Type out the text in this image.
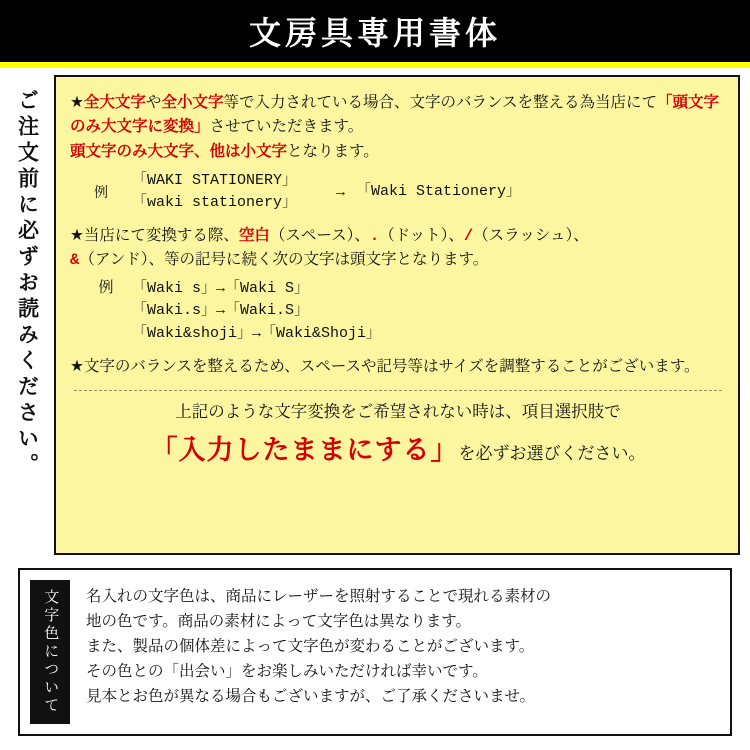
文房具専用書体
ご注文前に必ずお読みください。 ★全大文字や全小文字等で入力されている場合、文字のバランスを整える為当店にて「頭文字のみ大文字に変換」させていただきます。
頭文字のみ大文字、他は小文字となります。

例
「WAKI STATIONERY」
「waki stationery」
→ 「Waki Stationery」

★当店にて変換する際、空白（スペース）、.（ドット）、/（スラッシュ）、
&（アンド）、等の記号に続く次の文字は頭文字となります。

例 「Waki s」→「Waki S」
「Waki.s」→「Waki.S」
「Waki&shoji」→「Waki&Shoji」

★文字のバランスを整えるため、スペースや記号等はサイズを調整することがございます。

上記のような文字変換をご希望されない時は、項目選択肢で

「入力したままにする」を必ずお選びください。

文字色について 名入れの文字色は、商品にレーザーを照射することで現れる素材の

地の色です。商品の素材によって文字色は異なります。

また、製品の個体差によって文字色が変わることがございます。

その色との「出会い」をお楽しみいただければ幸いです。

見本とお色が異なる場合もございますが、ご了承くださいませ。
